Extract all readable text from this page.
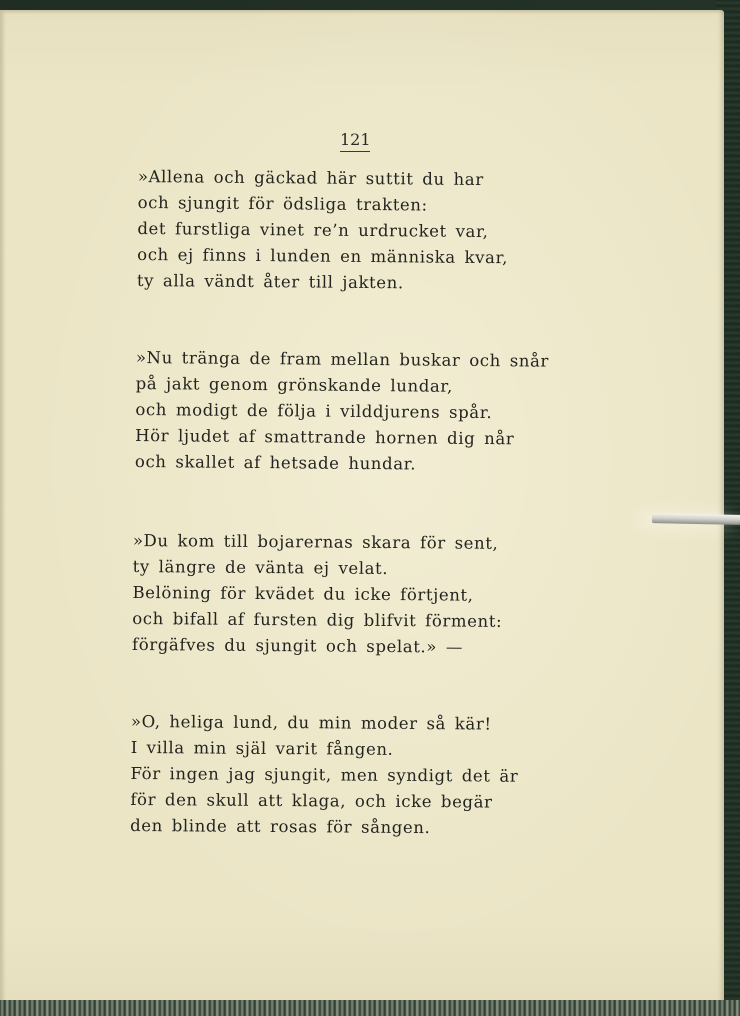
121

»Allena och gäckad här suttit du har
och sjungit för ödsliga trakten:
det furstliga vinet re’n urdrucket var,
och ej finns i lunden en människa kvar,
ty alla vändt åter till jakten.

»Nu tränga de fram mellan buskar och snår
på jakt genom grönskande lundar,
och modigt de följa i vilddjurens spår.
Hör ljudet af smattrande hornen dig når
och skallet af hetsade hundar.

»Du kom till bojarernas skara för sent,
ty längre de vänta ej velat.
Belöning för kvädet du icke förtjent,
och bifall af fursten dig blifvit förment:
förgäfves du sjungit och spelat.» —

»O, heliga lund, du min moder så kär!
I villa min själ varit fången.
För ingen jag sjungit, men syndigt det är
för den skull att klaga, och icke begär
den blinde att rosas för sången.
